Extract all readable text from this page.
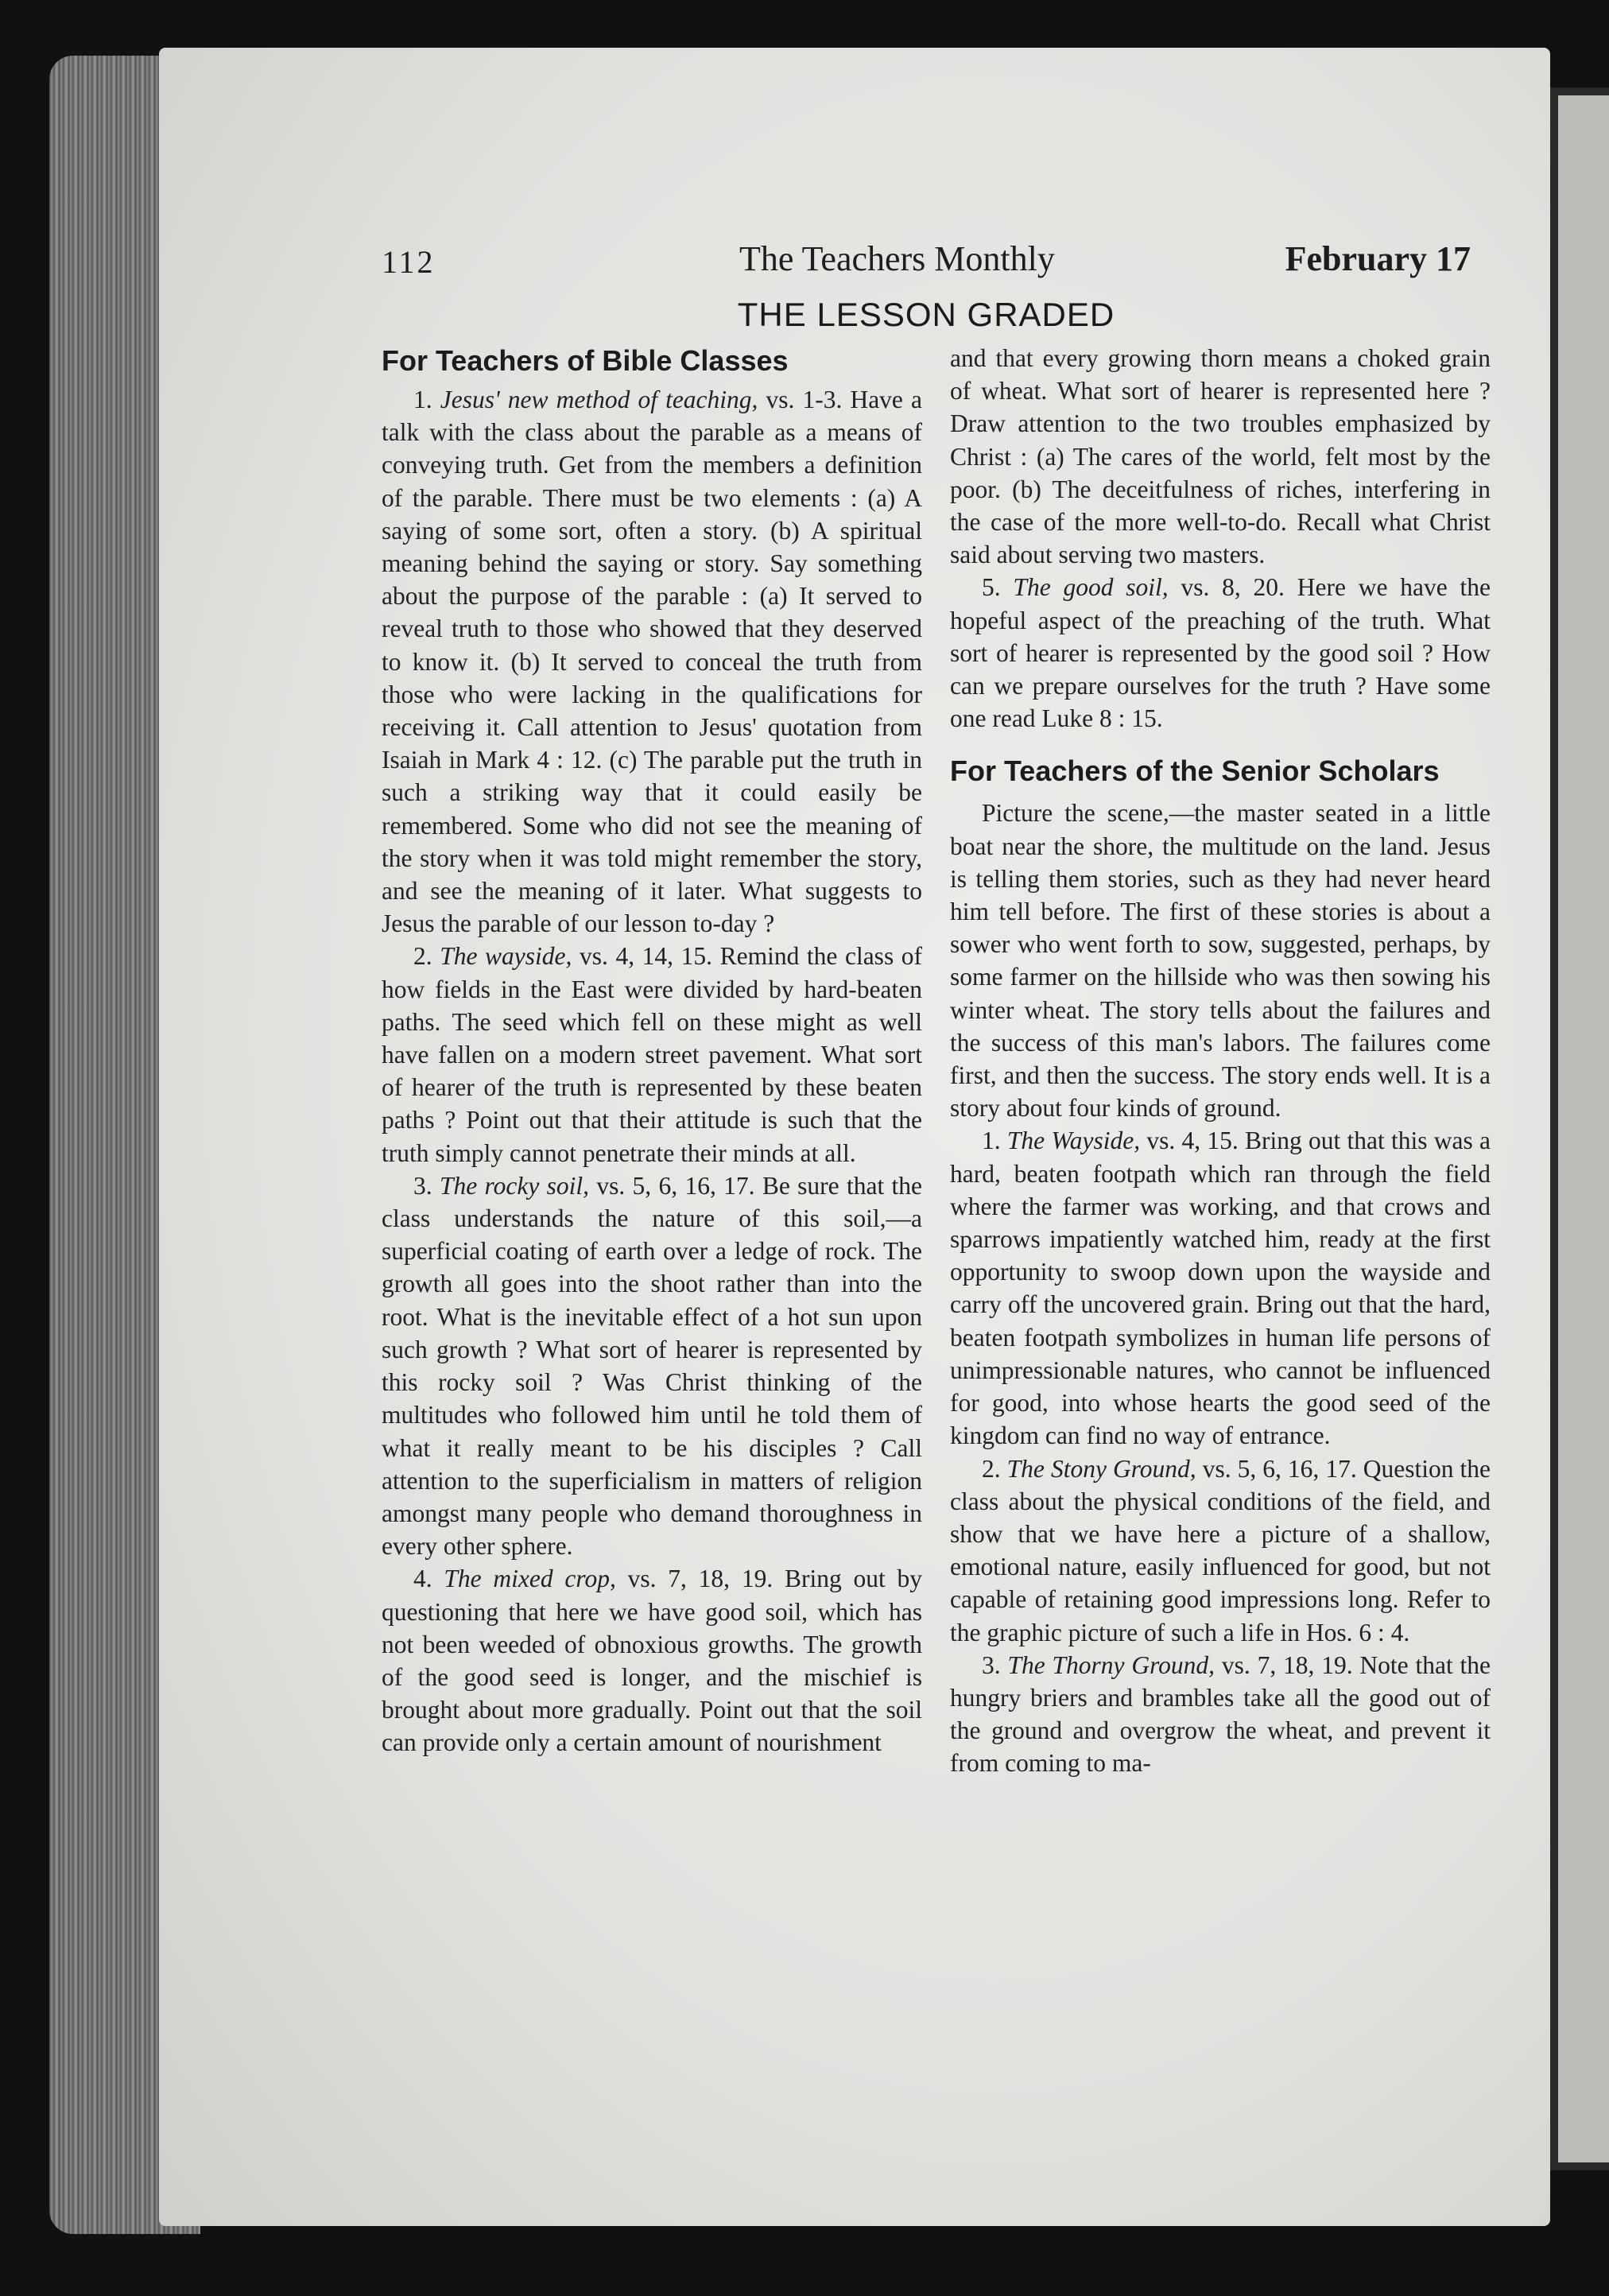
112	The Teachers Monthly	February 17
THE LESSON GRADED
For Teachers of Bible Classes

1. Jesus' new method of teaching, vs. 1-3. Have a talk with the class about the parable as a means of conveying truth. Get from the members a definition of the parable. There must be two elements : (a) A saying of some sort, often a story. (b) A spiritual meaning behind the saying or story. Say something about the purpose of the parable : (a) It served to reveal truth to those who showed that they deserved to know it. (b) It served to conceal the truth from those who were lacking in the qualifications for receiving it. Call attention to Jesus' quotation from Isaiah in Mark 4 : 12. (c) The parable put the truth in such a striking way that it could easily be remembered. Some who did not see the meaning of the story when it was told might remember the story, and see the meaning of it later. What suggests to Jesus the parable of our lesson to-day ?

2. The wayside, vs. 4, 14, 15. Remind the class of how fields in the East were divided by hard-beaten paths. The seed which fell on these might as well have fallen on a modern street pavement. What sort of hearer of the truth is represented by these beaten paths ? Point out that their attitude is such that the truth simply cannot penetrate their minds at all.

3. The rocky soil, vs. 5, 6, 16, 17. Be sure that the class understands the nature of this soil,—a superficial coating of earth over a ledge of rock. The growth all goes into the shoot rather than into the root. What is the inevitable effect of a hot sun upon such growth ? What sort of hearer is represented by this rocky soil ? Was Christ thinking of the multitudes who followed him until he told them of what it really meant to be his disciples ? Call attention to the superficialism in matters of religion amongst many people who demand thoroughness in every other sphere.

4. The mixed crop, vs. 7, 18, 19. Bring out by questioning that here we have good soil, which has not been weeded of obnoxious growths. The growth of the good seed is longer, and the mischief is brought about more gradually. Point out that the soil can provide only a certain amount of nourishment

and that every growing thorn means a choked grain of wheat. What sort of hearer is represented here ? Draw attention to the two troubles emphasized by Christ : (a) The cares of the world, felt most by the poor. (b) The deceitfulness of riches, interfering in the case of the more well-to-do. Recall what Christ said about serving two masters.

5. The good soil, vs. 8, 20. Here we have the hopeful aspect of the preaching of the truth. What sort of hearer is represented by the good soil ? How can we prepare ourselves for the truth ? Have some one read Luke 8 : 15.

For Teachers of the Senior Scholars

Picture the scene,—the master seated in a little boat near the shore, the multitude on the land. Jesus is telling them stories, such as they had never heard him tell before. The first of these stories is about a sower who went forth to sow, suggested, perhaps, by some farmer on the hillside who was then sowing his winter wheat. The story tells about the failures and the success of this man's labors. The failures come first, and then the success. The story ends well. It is a story about four kinds of ground.

1. The Wayside, vs. 4, 15. Bring out that this was a hard, beaten footpath which ran through the field where the farmer was working, and that crows and sparrows impatiently watched him, ready at the first opportunity to swoop down upon the wayside and carry off the uncovered grain. Bring out that the hard, beaten footpath symbolizes in human life persons of unimpressionable natures, who cannot be influenced for good, into whose hearts the good seed of the kingdom can find no way of entrance.

2. The Stony Ground, vs. 5, 6, 16, 17. Question the class about the physical conditions of the field, and show that we have here a picture of a shallow, emotional nature, easily influenced for good, but not capable of retaining good impressions long. Refer to the graphic picture of such a life in Hos. 6 : 4.

3. The Thorny Ground, vs. 7, 18, 19. Note that the hungry briers and brambles take all the good out of the ground and overgrow the wheat, and prevent it from coming to ma-
